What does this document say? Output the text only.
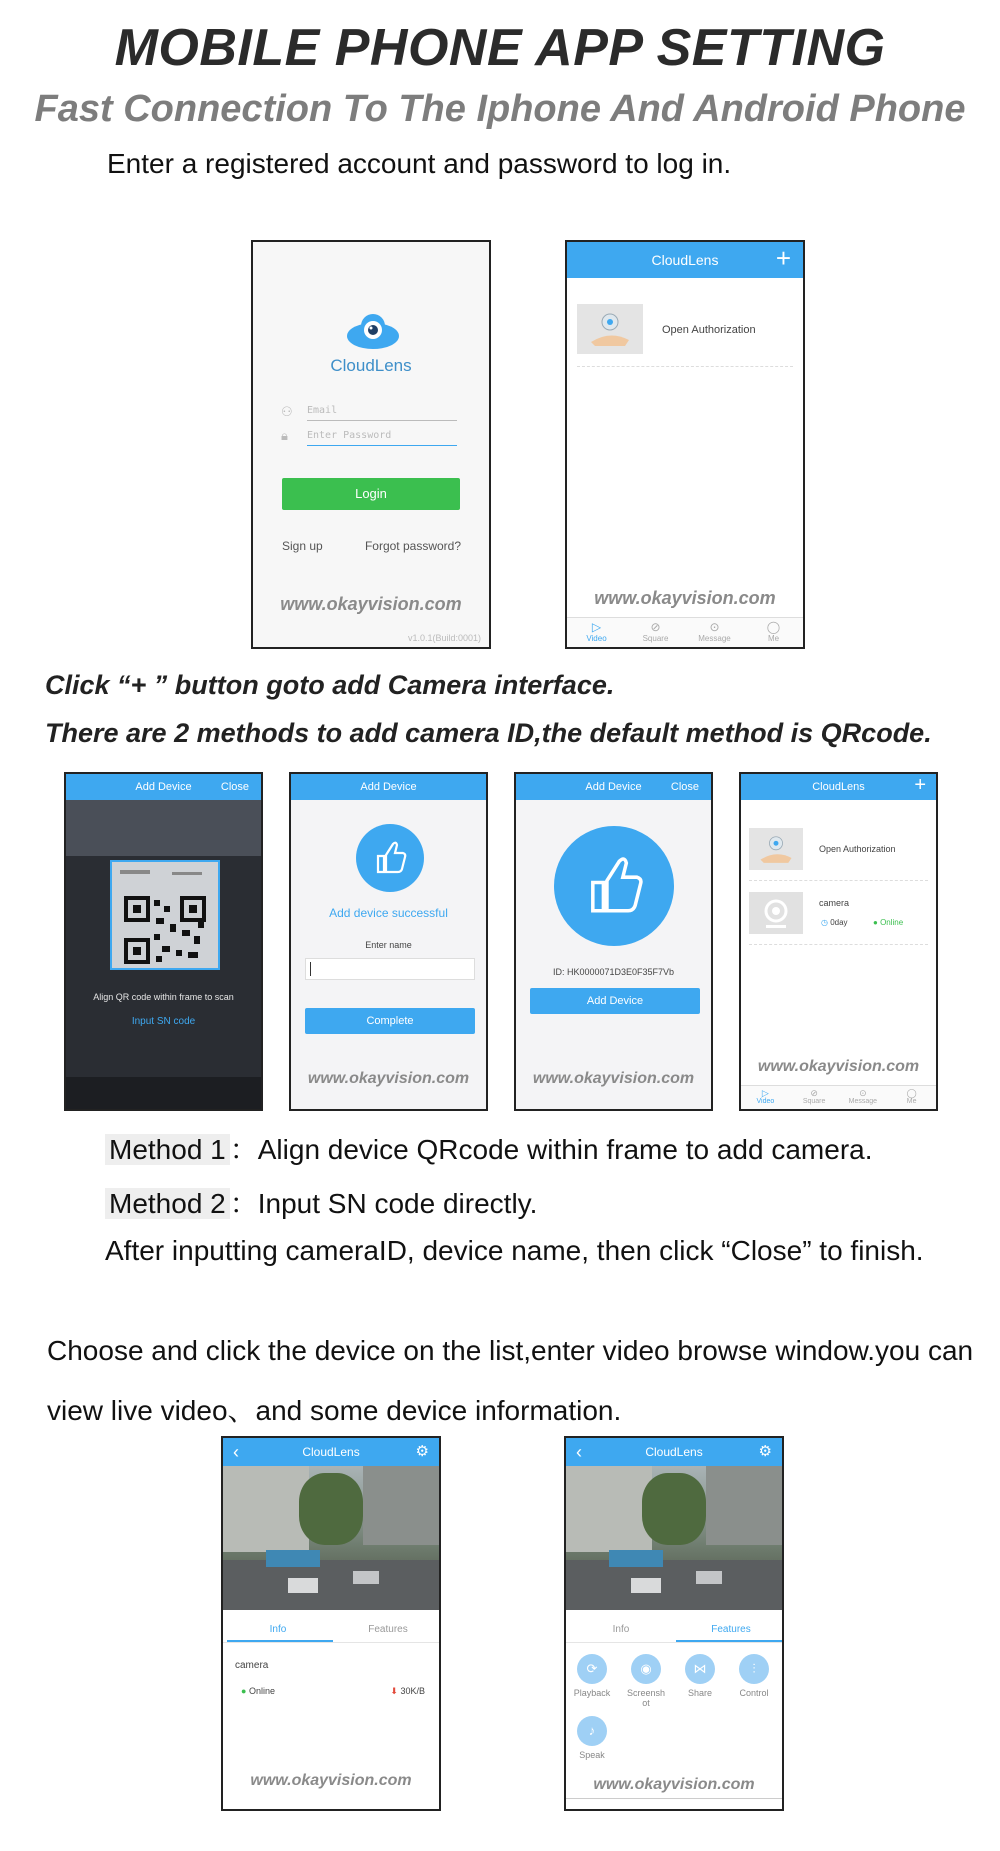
MOBILE PHONE APP SETTING
Fast Connection To The Iphone And Android Phone
Enter a registered account and password to log in.
CloudLens
⚇ Email
🔒︎ Enter Password
Login
Sign up	Forgot password?
www.okayvision.com
v1.0.1(Build:0001)
CloudLens +
Open Authorization
www.okayvision.com
▷
Video
⊘
Square
⊙
Message
◯
Me
Click “+ ” button goto add Camera interface.
There are 2 methods to add camera ID,the default method is QRcode.
Add Device	Close
Align QR code within frame to scan
Input SN code
Add Device
Add device successful
Enter name
Complete
www.okayvision.com
Add Device	Close
ID: HK0000071D3E0F35F7Vb
Add Device
www.okayvision.com
CloudLens +
Open Authorization
camera
◷ 0day	● Online
www.okayvision.com
▷
Video
⊘
Square
⊙
Message
◯
Me
Method 1 ：Align device QRcode within frame to add camera.
Method 2 ：Input SN code directly.
After inputting cameraID, device name, then click “Close” to finish.
Choose and click the device on the list,enter video browse window.you can
view live video、and some device information.
‹	CloudLens	⚙
Info	Features
camera
● Online	⬇ 30K/B
www.okayvision.com
‹	CloudLens	⚙
Info	Features
⟳
Playback
◉
Screensh ot
⋈
Share
⫶
Control
♪
Speak
www.okayvision.com
